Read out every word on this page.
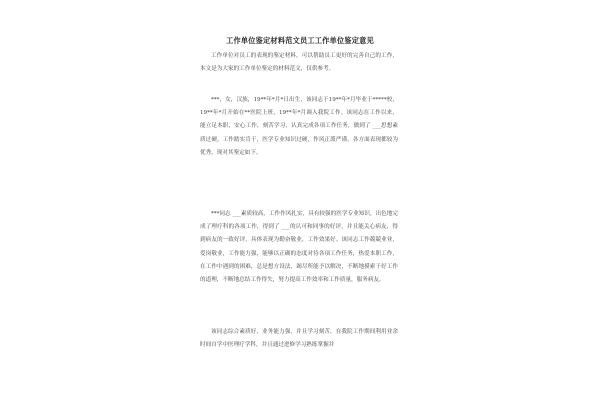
工作单位鉴定材料范文员工工作单位鉴定意见
工作单位对员工的表现的鉴定材料，可以帮助员工更好的完善自己的工作，本文是为大家的工作单位鉴定的材料范文，仅供参考。
***，女，汉族，19**年*月*日出生，该同志于19**年*月毕业于*****校，19**年*月开始在**医院上班，19**年*月调入我院工作。该同志在工作以来，能立足本职，安心工作，刻苦学习，认真完成各项工作任务，做到了 ___思想素质过硬，工作踏实肯干，医学专业知识过硬，作风正派严谨，各方面表现都较为优秀，现对其鉴定如下。
***同志 ___素质较高，工作作风扎实，具有较强的医学专业知识，出色地完成了理疗科的各项工作，得到了 ___的认可和同事的好评，并且能关心病友，得到病友的一致好评，具体表现为勤奋敬业，工作效果好。该同志工作兢兢业业，爱岗敬业，工作能力强，能够以正确的态度对待各项工作任务，热爱本职工作，在工作中遇到的困难，总是想方设法、竭尽所能予以解决，不断地摸索干好工作的道理，不断地总结工作得失，努力提高工作效率和工作质量，服务病友。
该同志综合素质好，业务能力强，并且学习刻苦，在我院工作期间利用业余时间自学中医理疗学科，并且通过进修学习熟练掌握并
